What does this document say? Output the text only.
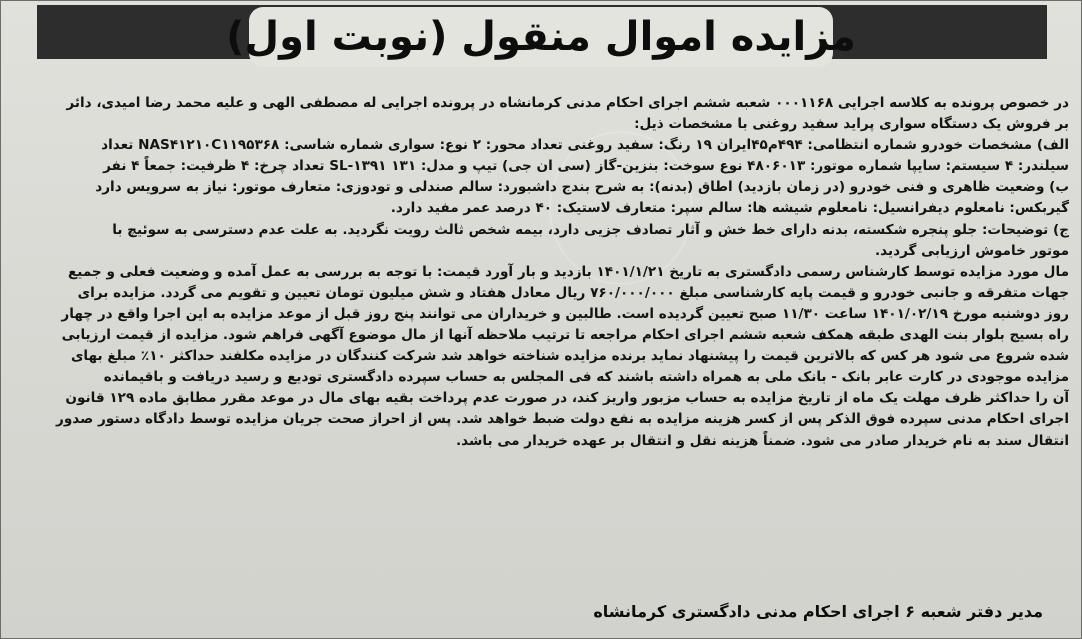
مزایده اموال منقول (نوبت اول)
در خصوص پرونده به کلاسه اجرایی ۰۰۰۱۱۶۸ شعبه ششم اجرای احکام مدنی کرمانشاه در پرونده اجرایی له مصطفی الهی و علیه محمد رضا امیدی، دائر
بر فروش یک دستگاه سواری پراید سفید روغنی با مشخصات ذیل:
الف) مشخصات خودرو شماره انتظامی: ۴۹۴م۴۵ایران ۱۹ رنگ: سفید روغنی تعداد محور: ۲ نوع: سواری شماره شاسی: NAS۴۱۲۱۰C۱۱۹۵۳۶۸ تعداد
سیلندر: ۴ سیستم: سایپا شماره موتور: ۴۸۰۶۰۱۳ نوع سوخت: بنزین-گاز (سی ان جی) تیپ و مدل: ۱۳۱ SL-۱۳۹۱ تعداد چرخ: ۴ ظرفیت: جمعاً ۴ نفر
ب) وضعیت ظاهری و فنی خودرو (در زمان بازدید) اطاق (بدنه): به شرح بندج داشبورد: سالم صندلی و تودوزی: متعارف موتور: نیاز به سرویس دارد
گیربکس: نامعلوم دیفرانسیل: نامعلوم شیشه ها: سالم سپر: متعارف لاستیک: ۴۰ درصد عمر مفید دارد.
ج) توضیحات: جلو پنجره شکسته، بدنه دارای خط خش و آثار تصادف جزیی دارد، بیمه شخص ثالث رویت نگردید. به علت عدم دسترسی به سوئیچ با
موتور خاموش ارزیابی گردید.
مال مورد مزایده توسط کارشناس رسمی دادگستری به تاریخ ۱۴۰۱/۱/۲۱ بازدید و بار آورد قیمت: با توجه به بررسی به عمل آمده و وضعیت فعلی و جمیع
جهات متفرقه و جانبی خودرو و قیمت پایه کارشناسی مبلغ ۷۶۰/۰۰۰/۰۰۰ ریال معادل هفتاد و شش میلیون تومان تعیین و تقویم می گردد. مزایده برای
روز دوشنبه مورخ ۱۴۰۱/۰۲/۱۹ ساعت ۱۱/۳۰ صبح تعیین گردیده است. طالبین و خریداران می توانند پنج روز قبل از موعد مزایده به این اجرا واقع در چهار
راه بسیج بلوار بنت الهدی طبقه همکف شعبه ششم اجرای احکام مراجعه تا ترتیب ملاحظه آنها از مال موضوع آگهی فراهم شود. مزایده از قیمت ارزیابی
شده شروع می شود هر کس که بالاترین قیمت را پیشنهاد نماید برنده مزایده شناخته خواهد شد شرکت کنندگان در مزایده مکلفند حداکثر ۱۰٪ مبلغ بهای
مزایده موجودی در کارت عابر بانک - بانک ملی به همراه داشته باشند که فی المجلس به حساب سپرده دادگستری تودیع و رسید دریافت و باقیمانده
آن را حداکثر ظرف مهلت یک ماه از تاریخ مزایده به حساب مزبور واریز کند، در صورت عدم پرداخت بقیه بهای مال در موعد مقرر مطابق ماده ۱۲۹ قانون
اجرای احکام مدنی سپرده فوق الذکر پس از کسر هزینه مزایده به نفع دولت ضبط خواهد شد. پس از احراز صحت جریان مزایده توسط دادگاه دستور صدور
انتقال سند به نام خریدار صادر می شود. ضمناً هزینه نقل و انتقال بر عهده خریدار می باشد.
مدیر دفتر شعبه ۶ اجرای احکام مدنی دادگستری کرمانشاه
